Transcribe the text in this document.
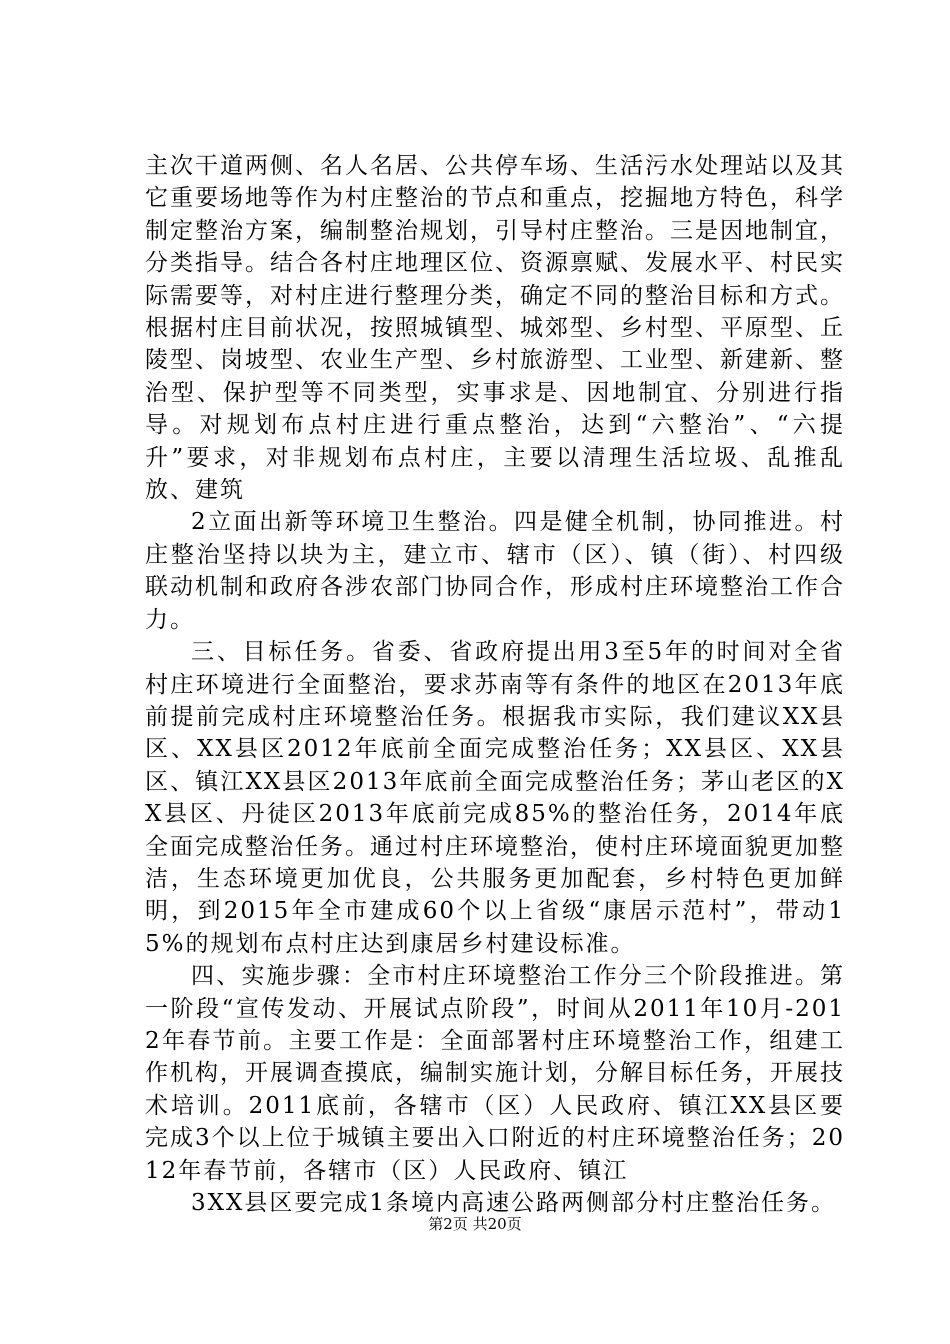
主次干道两侧、名人名居、公共停车场、生活污水处理站以及其它重要场地等作为村庄整治的节点和重点，挖掘地方特色，科学制定整治方案，编制整治规划，引导村庄整治。三是因地制宜，分类指导。结合各村庄地理区位、资源禀赋、发展水平、村民实际需要等，对村庄进行整理分类，确定不同的整治目标和方式。根据村庄目前状况，按照城镇型、城郊型、乡村型、平原型、丘陵型、岗坡型、农业生产型、乡村旅游型、工业型、新建新、整治型、保护型等不同类型，实事求是、因地制宜、分别进行指导。对规划布点村庄进行重点整治，达到“六整治”、“六提升”要求，对非规划布点村庄，主要以清理生活垃圾、乱推乱放、建筑

2立面出新等环境卫生整治。四是健全机制，协同推进。村庄整治坚持以块为主，建立市、辖市（区）、镇（街）、村四级联动机制和政府各涉农部门协同合作，形成村庄环境整治工作合力。

三、目标任务。省委、省政府提出用3至5年的时间对全省村庄环境进行全面整治，要求苏南等有条件的地区在2013年底前提前完成村庄环境整治任务。根据我市实际，我们建议XX县区、XX县区2012年底前全面完成整治任务；XX县区、XX县区、镇江XX县区2013年底前全面完成整治任务；茅山老区的XX县区、丹徒区2013年底前完成85%的整治任务，2014年底全面完成整治任务。通过村庄环境整治，使村庄环境面貌更加整洁，生态环境更加优良，公共服务更加配套，乡村特色更加鲜明，到2015年全市建成60个以上省级“康居示范村”，带动15%的规划布点村庄达到康居乡村建设标准。

四、实施步骤：全市村庄环境整治工作分三个阶段推进。第一阶段“宣传发动、开展试点阶段”，时间从2011年10月-2012年春节前。主要工作是：全面部署村庄环境整治工作，组建工作机构，开展调查摸底，编制实施计划，分解目标任务，开展技术培训。2011底前，各辖市（区）人民政府、镇江XX县区要完成3个以上位于城镇主要出入口附近的村庄环境整治任务；2012年春节前，各辖市（区）人民政府、镇江

3XX县区要完成1条境内高速公路两侧部分村庄整治任务。

第2页 共20页
